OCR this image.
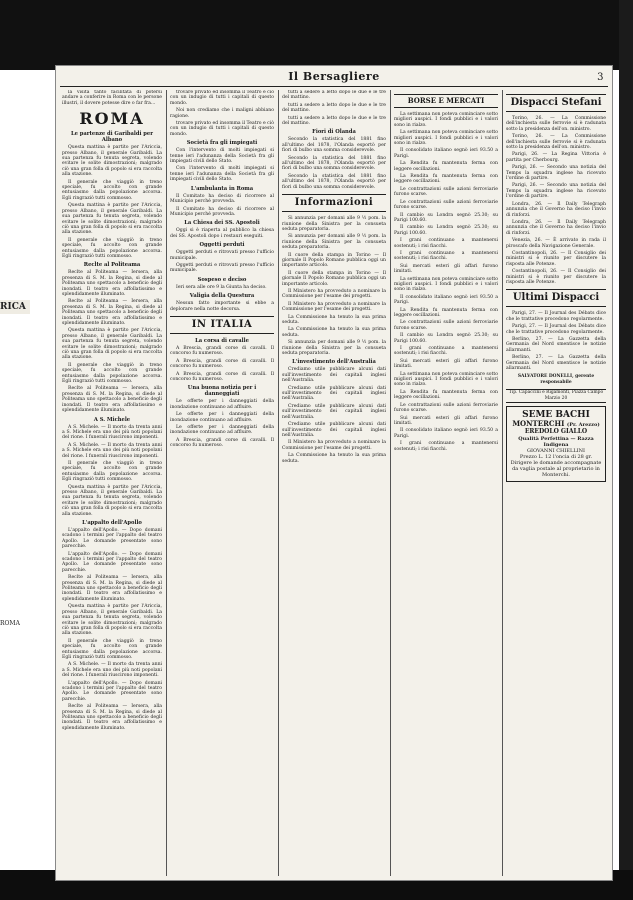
Il Bersagliere	3

la visita tanto facilitata di potersi andare a conferire in Roma con le persone illustri, il dovere potesse dire o far fra...

ROMA
Le partenze di Garibaldi per Albano

Questa mattina è partito per l'Ariccia, presso Albano, il generale Garibaldi. La sua partenza fu tenuta segreta, volendo evitare le solite dimostrazioni; malgrado ciò una gran folla di popolo si era raccolta alla stazione.

Il generale che viaggiò in treno speciale, fu accolto con grande entusiasmo dalla popolazione accorsa. Egli ringraziò tutti commosso.

Questa mattina è partito per l'Ariccia, presso Albano, il generale Garibaldi. La sua partenza fu tenuta segreta, volendo evitare le solite dimostrazioni; malgrado ciò una gran folla di popolo si era raccolta alla stazione.

Il generale che viaggiò in treno speciale, fu accolto con grande entusiasmo dalla popolazione accorsa. Egli ringraziò tutti commosso.

Reclte al Politeama

Reclte al Politeama — Iersera, alla presenza di S. M. la Regina, si diede al Politeama uno spettacolo a beneficio degli inondati. Il teatro era affollatissimo e splendidamente illuminato.

Reclte al Politeama — Iersera, alla presenza di S. M. la Regina, si diede al Politeama uno spettacolo a beneficio degli inondati. Il teatro era affollatissimo e splendidamente illuminato.

Questa mattina è partito per l'Ariccia, presso Albano, il generale Garibaldi. La sua partenza fu tenuta segreta, volendo evitare le solite dimostrazioni; malgrado ciò una gran folla di popolo si era raccolta alla stazione.

Il generale che viaggiò in treno speciale, fu accolto con grande entusiasmo dalla popolazione accorsa. Egli ringraziò tutti commosso.

Reclte al Politeama — Iersera, alla presenza di S. M. la Regina, si diede al Politeama uno spettacolo a beneficio degli inondati. Il teatro era affollatissimo e splendidamente illuminato.

A S. Michele

A S. Michele. — Il morto da trenta anni a S. Michele era uno dei più noti popolani del rione. I funerali riuscirono imponenti.

A S. Michele. — Il morto da trenta anni a S. Michele era uno dei più noti popolani del rione. I funerali riuscirono imponenti.

Il generale che viaggiò in treno speciale, fu accolto con grande entusiasmo dalla popolazione accorsa. Egli ringraziò tutti commosso.

Questa mattina è partito per l'Ariccia, presso Albano, il generale Garibaldi. La sua partenza fu tenuta segreta, volendo evitare le solite dimostrazioni; malgrado ciò una gran folla di popolo si era raccolta alla stazione.

L'appalto dell'Apollo

L'appalto dell'Apollo. — Dopo domani scadono i termini per l'appalto del teatro Apollo. Le domande presentate sono parecchie.

L'appalto dell'Apollo. — Dopo domani scadono i termini per l'appalto del teatro Apollo. Le domande presentate sono parecchie.

Reclte al Politeama — Iersera, alla presenza di S. M. la Regina, si diede al Politeama uno spettacolo a beneficio degli inondati. Il teatro era affollatissimo e splendidamente illuminato.

Questa mattina è partito per l'Ariccia, presso Albano, il generale Garibaldi. La sua partenza fu tenuta segreta, volendo evitare le solite dimostrazioni; malgrado ciò una gran folla di popolo si era raccolta alla stazione.

Il generale che viaggiò in treno speciale, fu accolto con grande entusiasmo dalla popolazione accorsa. Egli ringraziò tutti commosso.

A S. Michele. — Il morto da trenta anni a S. Michele era uno dei più noti popolani del rione. I funerali riuscirono imponenti.

L'appalto dell'Apollo. — Dopo domani scadono i termini per l'appalto del teatro Apollo. Le domande presentate sono parecchie.

Reclte al Politeama — Iersera, alla presenza di S. M. la Regina, si diede al Politeama uno spettacolo a beneficio degli inondati. Il teatro era affollatissimo e splendidamente illuminato.

trovare privato ed insomma il Teatro e ciò con un indugio di tutti i capitali di questo mondo.

Noi non crediamo che i maligni abbiano ragione.

trovare privato ed insomma il Teatro e ciò con un indugio di tutti i capitali di questo mondo.

Società fra gli impiegati

Con l'intervento di molti impiegati si tenne ieri l'adunanza della Società fra gli impiegati civili dello Stato.

Con l'intervento di molti impiegati si tenne ieri l'adunanza della Società fra gli impiegati civili dello Stato.

L'ambulanta in Roma

Il Comitato ha deciso di ricorrere al Municipio perché provveda.

Il Comitato ha deciso di ricorrere al Municipio perché provveda.

La Chiesa dei SS. Apostoli

Oggi si è riaperta al pubblico la chiesa dei SS. Apostoli dopo i restauri eseguiti.

Oggetti perduti

Oggetti perduti e ritrovati presso l'ufficio municipale.

Oggetti perduti e ritrovati presso l'ufficio municipale.

Sospeso e deciso

Ieri sera alle ore 9 la Giunta ha deciso.

Valigia della Questura

Nessun fatto importante si ebbe a deplorare nella notte decorsa.

IN ITALIA
La corsa di cavalle

A Brescia, grandi corse di cavalli. Il concorso fu numeroso.

A Brescia, grandi corse di cavalli. Il concorso fu numeroso.

A Brescia, grandi corse di cavalli. Il concorso fu numeroso.

Una buona notizia per i danneggiati

Le offerte per i danneggiati della inondazione continuano ad affluire.

Le offerte per i danneggiati della inondazione continuano ad affluire.

Le offerte per i danneggiati della inondazione continuano ad affluire.

A Brescia, grandi corse di cavalli. Il concorso fu numeroso.

tutti a sedere a letto dopo le due e le tre del mattino.

tutti a sedere a letto dopo le due e le tre del mattino.

tutti a sedere a letto dopo le due e le tre del mattino.

Fiori di Olanda

Secondo la statistica del 1881 fino all'ultimo del 1878, l'Olanda esportò per fiori di bulbo una somma considerevole.

Secondo la statistica del 1881 fino all'ultimo del 1878, l'Olanda esportò per fiori di bulbo una somma considerevole.

Secondo la statistica del 1881 fino all'ultimo del 1878, l'Olanda esportò per fiori di bulbo una somma considerevole.

Informazioni

Si annunzia per domani alle 9 ½ pom. la riunione della Sinistra per la consueta seduta preparatoria.

Si annunzia per domani alle 9 ½ pom. la riunione della Sinistra per la consueta seduta preparatoria.

Il cuore della stampa in Torino — Il giornale Il Popolo Romano pubblica oggi un importante articolo.

Il cuore della stampa in Torino — Il giornale Il Popolo Romano pubblica oggi un importante articolo.

Il Ministero ha provveduto a nominare la Commissione per l'esame dei progetti.

Il Ministero ha provveduto a nominare la Commissione per l'esame dei progetti.

La Commissione ha tenuto la sua prima seduta.

La Commissione ha tenuto la sua prima seduta.

Si annunzia per domani alle 9 ½ pom. la riunione della Sinistra per la consueta seduta preparatoria.

L'investimento dell'Australia

Crediamo utile pubblicare alcuni dati sull'investimento dei capitali inglesi nell'Australia.

Crediamo utile pubblicare alcuni dati sull'investimento dei capitali inglesi nell'Australia.

Crediamo utile pubblicare alcuni dati sull'investimento dei capitali inglesi nell'Australia.

Crediamo utile pubblicare alcuni dati sull'investimento dei capitali inglesi nell'Australia.

Il Ministero ha provveduto a nominare la Commissione per l'esame dei progetti.

La Commissione ha tenuto la sua prima seduta.

BORSE E MERCATI

La settimana non poteva cominciare sotto migliori auspici. I fondi pubblici e i valori sono in rialzo.

La settimana non poteva cominciare sotto migliori auspici. I fondi pubblici e i valori sono in rialzo.

Il consolidato italiano segnò ieri 93.50 a Parigi.

La Rendita fu mantenuta ferma con leggere oscillazioni.

La Rendita fu mantenuta ferma con leggere oscillazioni.

Le contrattazioni sulle azioni ferroviarie furono scarse.

Le contrattazioni sulle azioni ferroviarie furono scarse.

Il cambio su Londra segnò 25.30; su Parigi 100.60.

Il cambio su Londra segnò 25.30; su Parigi 100.60.

I grani continuano a mantenersi sostenuti; i risi fiacchi.

I grani continuano a mantenersi sostenuti; i risi fiacchi.

Sui mercati esteri gli affari furono limitati.

La settimana non poteva cominciare sotto migliori auspici. I fondi pubblici e i valori sono in rialzo.

Il consolidato italiano segnò ieri 93.50 a Parigi.

La Rendita fu mantenuta ferma con leggere oscillazioni.

Le contrattazioni sulle azioni ferroviarie furono scarse.

Il cambio su Londra segnò 25.30; su Parigi 100.60.

I grani continuano a mantenersi sostenuti; i risi fiacchi.

Sui mercati esteri gli affari furono limitati.

La settimana non poteva cominciare sotto migliori auspici. I fondi pubblici e i valori sono in rialzo.

La Rendita fu mantenuta ferma con leggere oscillazioni.

Le contrattazioni sulle azioni ferroviarie furono scarse.

Sui mercati esteri gli affari furono limitati.

Il consolidato italiano segnò ieri 93.50 a Parigi.

I grani continuano a mantenersi sostenuti; i risi fiacchi.

Dispacci Stefani

Torino, 26. — La Commissione dell'inchiesta sulle ferrovie si è radunata sotto la presidenza dell'on. ministro.

Torino, 26. — La Commissione dell'inchiesta sulle ferrovie si è radunata sotto la presidenza dell'on. ministro.

Parigi, 26. — La Regina Vittoria è partita per Cherbourg.

Parigi, 26. — Secondo una notizia del Temps la squadra inglese ha ricevuto l'ordine di partire.

Parigi, 26. — Secondo una notizia del Temps la squadra inglese ha ricevuto l'ordine di partire.

Londra, 26. — Il Daily Telegraph annunzia che il Governo ha deciso l'invio di rinforzi.

Londra, 26. — Il Daily Telegraph annunzia che il Governo ha deciso l'invio di rinforzi.

Venezia, 26. — È arrivato in rada il piroscafo della Navigazione Generale.

Costantinopoli, 26. — Il Consiglio dei ministri si è riunito per discutere la risposta alle Potenze.

Costantinopoli, 26. — Il Consiglio dei ministri si è riunito per discutere la risposta alle Potenze.

Ultimi Dispacci

Parigi, 27. — Il Journal des Débats dice che le trattative procedono regolarmente.

Parigi, 27. — Il Journal des Débats dice che le trattative procedono regolarmente.

Berlino, 27. — La Gazzetta della Germania del Nord smentisce le notizie allarmanti.

Berlino, 27. — La Gazzetta della Germania del Nord smentisce le notizie allarmanti.

SALVATORE DONELLI, gerente responsabile
Tip. Capaccini e Rigamonti, Piazza Campo Marzio 20
SEME BACHI
MONTERCHI (Pr. Arezzo)
EREDOLO GIALLO
Qualità Perfettina — Razza Indigena
GIOVANNI CHIELLINI
Prezzo L. 12 l'oncia di 28 gr.
Dirigere le domande accompagnate da vaglia postale al proprietario in Monterchi.
RICA
ROMA
